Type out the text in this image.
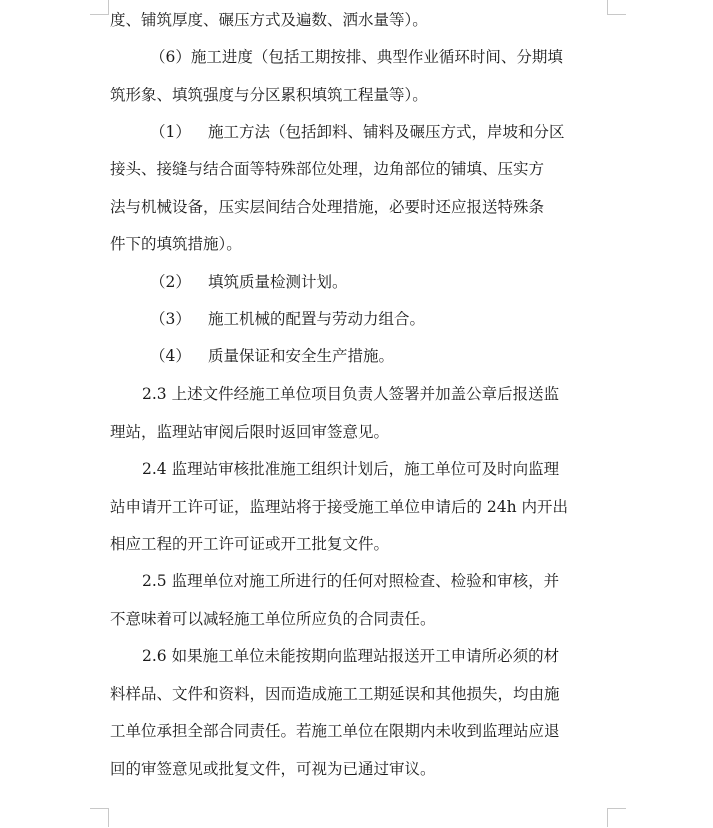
度、铺筑厚度、碾压方式及遍数、洒水量等）。
（6）施工进度（包括工期按排、典型作业循环时间、分期填
筑形象、填筑强度与分区累积填筑工程量等）。
（1） 施工方法（包括卸料、铺料及碾压方式，岸坡和分区
接头、接缝与结合面等特殊部位处理，边角部位的铺填、压实方
法与机械设备，压实层间结合处理措施，必要时还应报送特殊条
件下的填筑措施）。
（2） 填筑质量检测计划。
（3） 施工机械的配置与劳动力组合。
（4） 质量保证和安全生产措施。
2.3 上述文件经施工单位项目负责人签署并加盖公章后报送监
理站，监理站审阅后限时返回审签意见。
2.4 监理站审核批准施工组织计划后，施工单位可及时向监理
站申请开工许可证，监理站将于接受施工单位申请后的 24h 内开出
相应工程的开工许可证或开工批复文件。
2.5 监理单位对施工所进行的任何对照检查、检验和审核，并
不意味着可以减轻施工单位所应负的合同责任。
2.6 如果施工单位未能按期向监理站报送开工申请所必须的材
料样品、文件和资料，因而造成施工工期延误和其他损失，均由施
工单位承担全部合同责任。若施工单位在限期内未收到监理站应退
回的审签意见或批复文件，可视为已通过审议。
